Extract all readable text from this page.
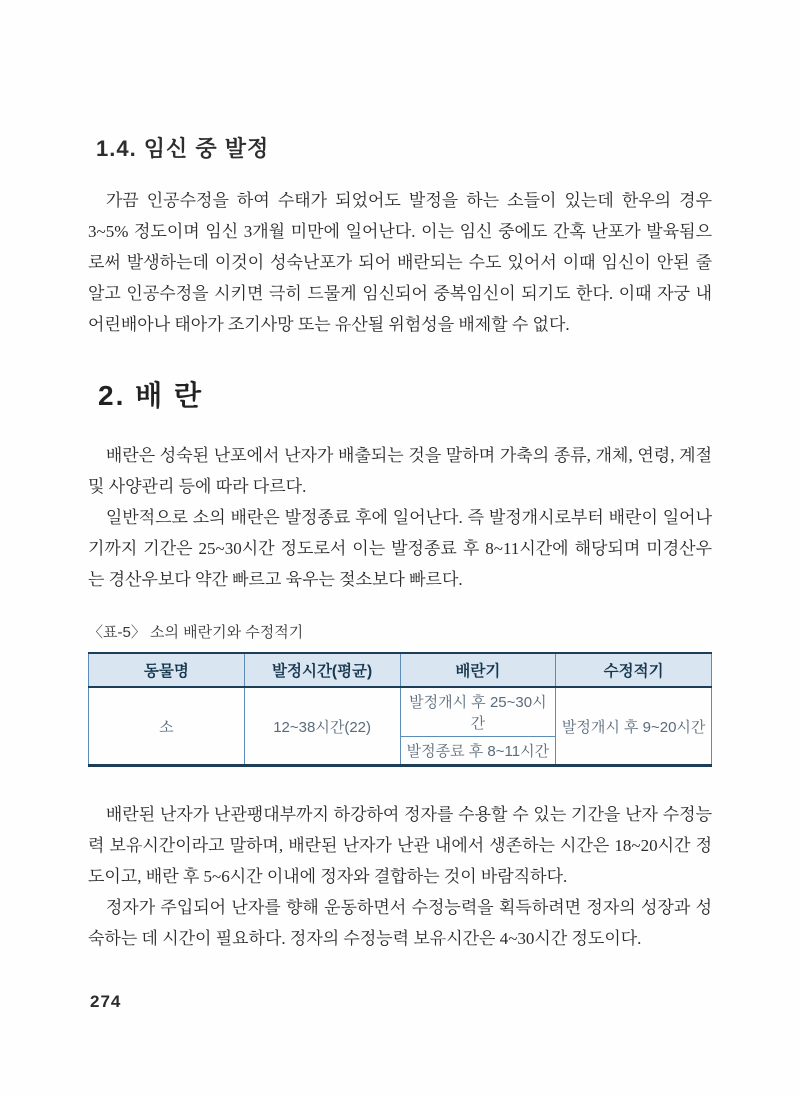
1.4. 임신 중 발정

가끔 인공수정을 하여 수태가 되었어도 발정을 하는 소들이 있는데 한우의 경우 3~5% 정도이며 임신 3개월 미만에 일어난다. 이는 임신 중에도 간혹 난포가 발육됨으로써 발생하는데 이것이 성숙난포가 되어 배란되는 수도 있어서 이때 임신이 안된 줄 알고 인공수정을 시키면 극히 드물게 임신되어 중복임신이 되기도 한다. 이때 자궁 내 어린배아나 태아가 조기사망 또는 유산될 위험성을 배제할 수 없다.

2. 배 란

배란은 성숙된 난포에서 난자가 배출되는 것을 말하며 가축의 종류, 개체, 연령, 계절 및 사양관리 등에 따라 다르다.

일반적으로 소의 배란은 발정종료 후에 일어난다. 즉 발정개시로부터 배란이 일어나기까지 기간은 25~30시간 정도로서 이는 발정종료 후 8~11시간에 해당되며 미경산우는 경산우보다 약간 빠르고 육우는 젖소보다 빠르다.

〈표-5〉 소의 배란기와 수정적기
동물명	발정시간(평균)	배란기	수정적기
소	12~38시간(22)	발정개시 후 25~30시간	발정개시 후 9~20시간
		발정종료 후 8~11시간	

배란된 난자가 난관팽대부까지 하강하여 정자를 수용할 수 있는 기간을 난자 수정능력 보유시간이라고 말하며, 배란된 난자가 난관 내에서 생존하는 시간은 18~20시간 정도이고, 배란 후 5~6시간 이내에 정자와 결합하는 것이 바람직하다.

정자가 주입되어 난자를 향해 운동하면서 수정능력을 획득하려면 정자의 성장과 성숙하는 데 시간이 필요하다. 정자의 수정능력 보유시간은 4~30시간 정도이다.

274
